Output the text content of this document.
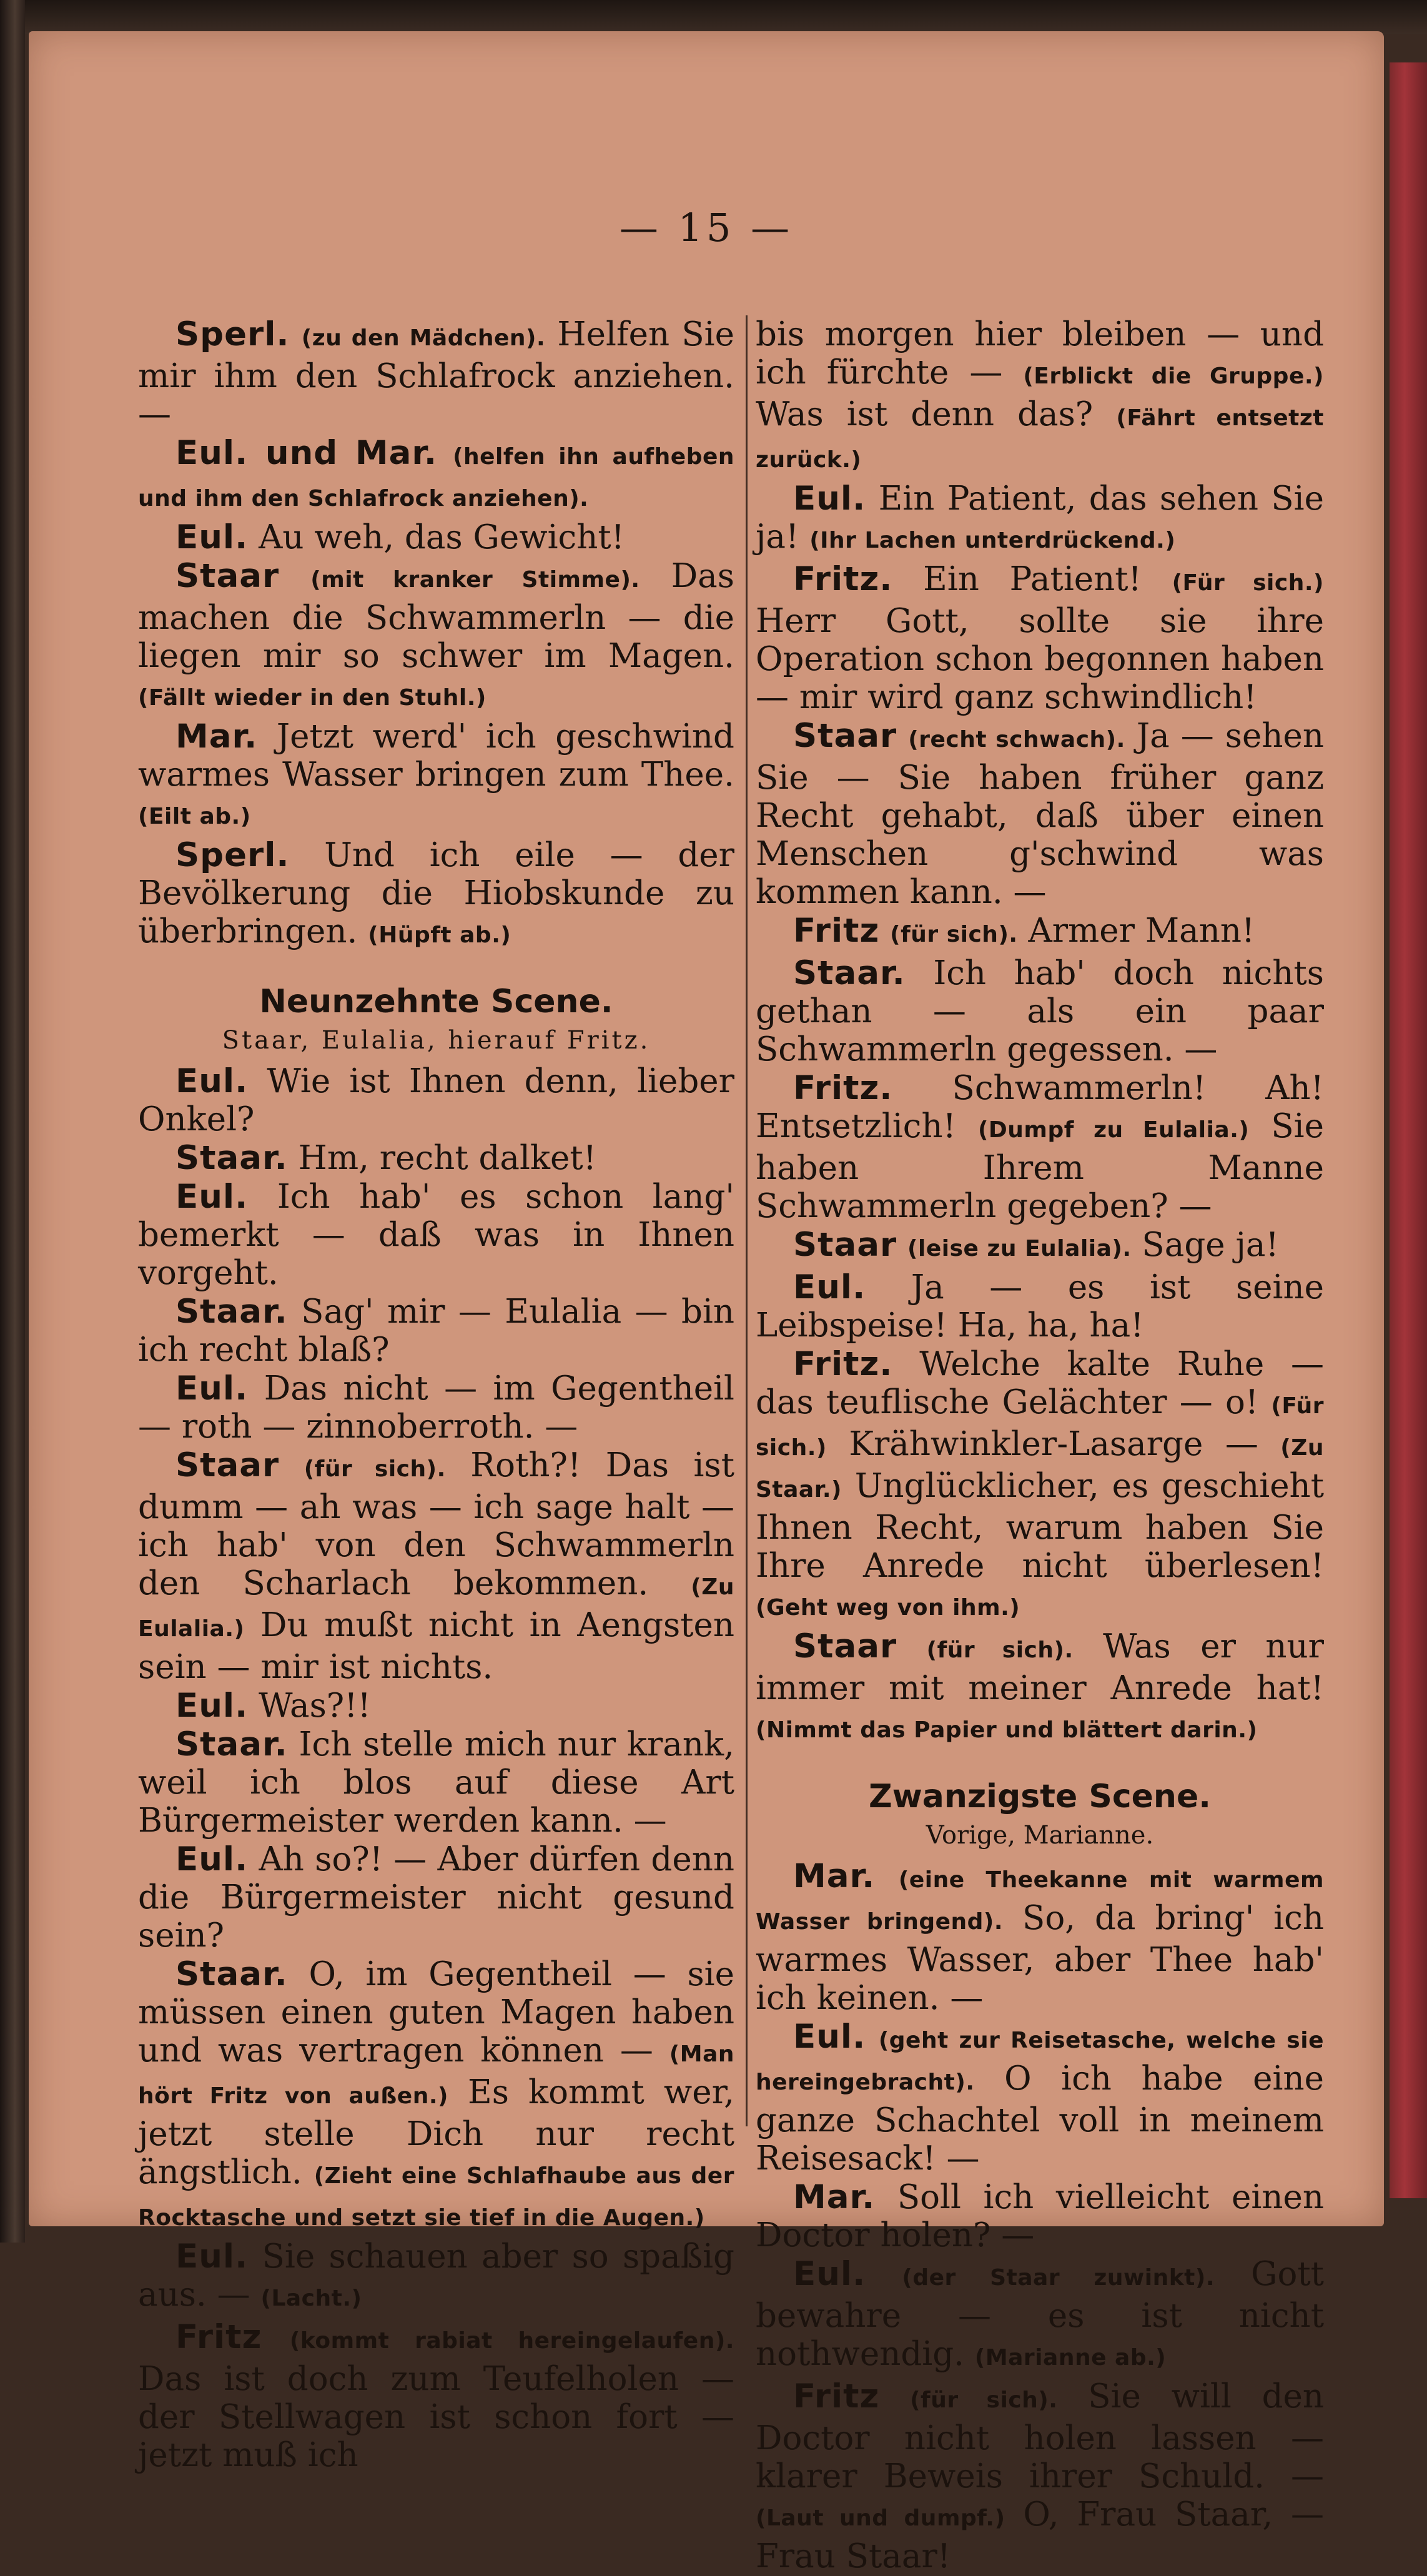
— 15 —

Sperl. (zu den Mädchen). Helfen Sie mir ihm den Schlafrock anziehen. —

Eul. und Mar. (helfen ihn aufheben und ihm den Schlafrock anziehen).

Eul. Au weh, das Gewicht!

Staar (mit kranker Stimme). Das machen die Schwammerln — die liegen mir so schwer im Magen. (Fällt wieder in den Stuhl.)

Mar. Jetzt werd' ich geschwind warmes Wasser bringen zum Thee. (Eilt ab.)

Sperl. Und ich eile — der Bevölkerung die Hiobskunde zu überbringen. (Hüpft ab.)

Neunzehnte Scene.

Staar, Eulalia, hierauf Fritz.

Eul. Wie ist Ihnen denn, lieber Onkel?

Staar. Hm, recht dalket!

Eul. Ich hab' es schon lang' bemerkt — daß was in Ihnen vorgeht.

Staar. Sag' mir — Eulalia — bin ich recht blaß?

Eul. Das nicht — im Gegentheil — roth — zinnoberroth. —

Staar (für sich). Roth?! Das ist dumm — ah was — ich sage halt — ich hab' von den Schwammerln den Scharlach bekommen. (Zu Eulalia.) Du mußt nicht in Aengsten sein — mir ist nichts.

Eul. Was?!!

Staar. Ich stelle mich nur krank, weil ich blos auf diese Art Bürgermeister werden kann. —

Eul. Ah so?! — Aber dürfen denn die Bürgermeister nicht gesund sein?

Staar. O, im Gegentheil — sie müssen einen guten Magen haben und was vertragen können — (Man hört Fritz von außen.) Es kommt wer, jetzt stelle Dich nur recht ängstlich. (Zieht eine Schlafhaube aus der Rocktasche und setzt sie tief in die Augen.)

Eul. Sie schauen aber so spaßig aus. — (Lacht.)

Fritz (kommt rabiat hereingelaufen). Das ist doch zum Teufelholen — der Stellwagen ist schon fort — jetzt muß ich

bis morgen hier bleiben — und ich fürchte — (Erblickt die Gruppe.) Was ist denn das? (Fährt entsetzt zurück.)

Eul. Ein Patient, das sehen Sie ja! (Ihr Lachen unterdrückend.)

Fritz. Ein Patient! (Für sich.) Herr Gott, sollte sie ihre Operation schon begonnen haben — mir wird ganz schwindlich!

Staar (recht schwach). Ja — sehen Sie — Sie haben früher ganz Recht gehabt, daß über einen Menschen g'schwind was kommen kann. —

Fritz (für sich). Armer Mann!

Staar. Ich hab' doch nichts gethan — als ein paar Schwammerln gegessen. —

Fritz. Schwammerln! Ah! Entsetzlich! (Dumpf zu Eulalia.) Sie haben Ihrem Manne Schwammerln gegeben? —

Staar (leise zu Eulalia). Sage ja!

Eul. Ja — es ist seine Leibspeise! Ha, ha, ha!

Fritz. Welche kalte Ruhe — das teuflische Gelächter — o! (Für sich.) Krähwinkler-Lasarge — (Zu Staar.) Unglücklicher, es geschieht Ihnen Recht, warum haben Sie Ihre Anrede nicht überlesen! (Geht weg von ihm.)

Staar (für sich). Was er nur immer mit meiner Anrede hat! (Nimmt das Papier und blättert darin.)

Zwanzigste Scene.

Vorige, Marianne.

Mar. (eine Theekanne mit warmem Wasser bringend). So, da bring' ich warmes Wasser, aber Thee hab' ich keinen. —

Eul. (geht zur Reisetasche, welche sie hereingebracht). O ich habe eine ganze Schachtel voll in meinem Reisesack! —

Mar. Soll ich vielleicht einen Doctor holen? —

Eul. (der Staar zuwinkt). Gott bewahre — es ist nicht nothwendig. (Marianne ab.)

Fritz (für sich). Sie will den Doctor nicht holen lassen — klarer Beweis ihrer Schuld. — (Laut und dumpf.) O, Frau Staar, — Frau Staar!
